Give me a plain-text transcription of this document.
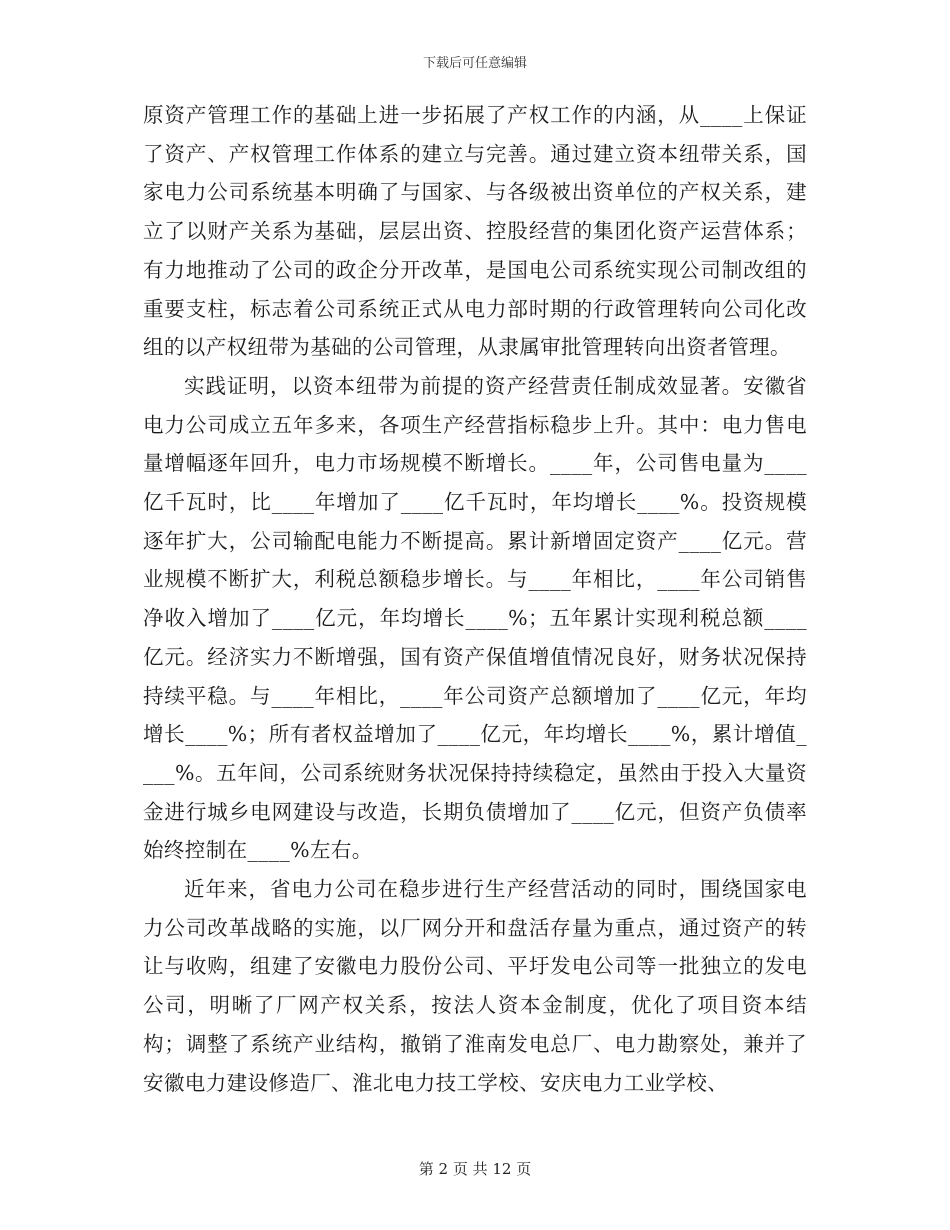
下载后可任意编辑

原资产管理工作的基础上进一步拓展了产权工作的内涵，从____上保证了资产、产权管理工作体系的建立与完善。通过建立资本纽带关系，国家电力公司系统基本明确了与国家、与各级被出资单位的产权关系，建立了以财产关系为基础，层层出资、控股经营的集团化资产运营体系；有力地推动了公司的政企分开改革，是国电公司系统实现公司制改组的重要支柱，标志着公司系统正式从电力部时期的行政管理转向公司化改组的以产权纽带为基础的公司管理，从隶属审批管理转向出资者管理。

实践证明，以资本纽带为前提的资产经营责任制成效显著。安徽省电力公司成立五年多来，各项生产经营指标稳步上升。其中：电力售电量增幅逐年回升，电力市场规模不断增长。____年，公司售电量为____亿千瓦时，比____年增加了____亿千瓦时，年均增长____%。投资规模逐年扩大，公司输配电能力不断提高。累计新增固定资产____亿元。营业规模不断扩大，利税总额稳步增长。与____年相比，____年公司销售净收入增加了____亿元，年均增长____%；五年累计实现利税总额____亿元。经济实力不断增强，国有资产保值增值情况良好，财务状况保持持续平稳。与____年相比，____年公司资产总额增加了____亿元，年均增长____%；所有者权益增加了____亿元，年均增长____%，累计增值____%。五年间，公司系统财务状况保持持续稳定，虽然由于投入大量资金进行城乡电网建设与改造，长期负债增加了____亿元，但资产负债率始终控制在____%左右。

近年来，省电力公司在稳步进行生产经营活动的同时，围绕国家电力公司改革战略的实施，以厂网分开和盘活存量为重点，通过资产的转让与收购，组建了安徽电力股份公司、平圩发电公司等一批独立的发电公司，明晰了厂网产权关系，按法人资本金制度，优化了项目资本结构；调整了系统产业结构，撤销了淮南发电总厂、电力勘察处，兼并了安徽电力建设修造厂、淮北电力技工学校、安庆电力工业学校、

第 2 页 共 12 页
